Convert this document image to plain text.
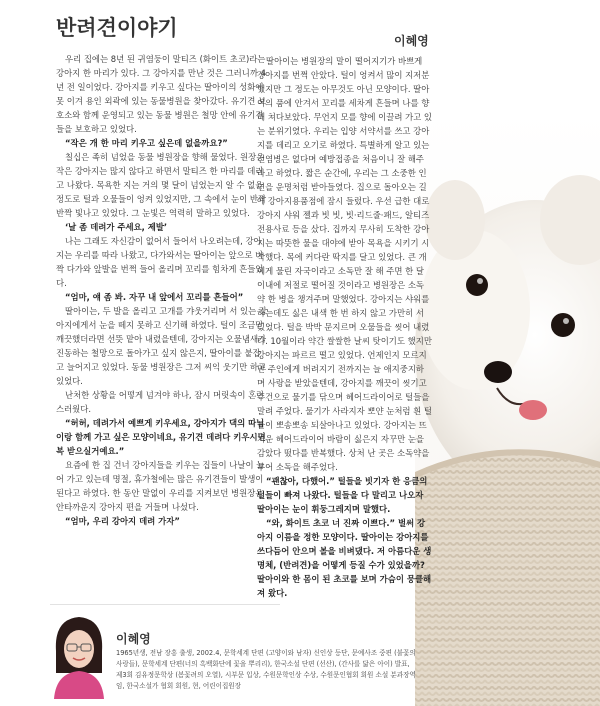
반려견이야기
이혜영

우리 집에는 8년 된 귀염둥이 말티즈 (화이트 초코)라는 강아지 한 마리가 있다. 그 강아지를 만난 것은 그러니까 4년 전 일이었다. 강아지를 키우고 싶다는 딸아이의 성화에 못 이겨 용인 외곽에 있는 동물병원을 찾아갔다. 유기견 보호소와 함께 운영되고 있는 동물 병원은 철망 안에 유기견들을 보호하고 있었다.

“작은 개 한 마리 키우고 싶은데 없을까요?”

칠십은 족히 넘었을 동물 병원장을 향해 물었다. 원장은 작은 강아지는 많지 않다고 하면서 말티즈 한 마리를 데리고 나왔다. 목욕한 지는 거의 몇 달이 넘었는지 알 수 없을 정도로 털과 오물들이 엉켜 있었지만, 그 속에서 눈이 반짝반짝 빛나고 있었다. 그 눈빛은 역력히 말하고 있었다.

‘날 좀 데려가 주세요, 제발’

나는 그래도 자신감이 없어서 들어서 나오려는데, 강아지는 우리를 따라 나왔고, 다가와서는 딸아이는 앞으로 바짝 다가와 앞발을 번쩍 들어 올리며 꼬리를 힘차게 흔들었다.

“엄마, 얘 좀 봐. 자꾸 내 앞에서 꼬리를 흔들어”

딸아이는, 두 발을 올리고 고개를 갸웃거리며 서 있는 강아지에게서 눈을 떼지 못하고 신기해 하였다. 털이 조금만 깨끗했더라면 선뜻 맡아 내렸을텐데, 강아지는 오물냄새가 진동하는 철망으로 돌아가고 싶지 않은지, 딸아이를 붙잡고 늘어지고 있었다. 동물 병원장은 그저 씨익 웃기만 하고 있었다.

난처한 상황을 어떻게 넘겨야 하나, 잠시 머릿속이 혼란스러웠다.

“허허, 데려가서 예쁘게 키우세요, 강아지가 댁의 따님이랑 함께 가고 싶은 모양이네요, 유기견 데려다 키우시면 복 받으실거예요.”

요즘에 한 집 건너 강아지들을 키우는 집들이 나날이 늘어 가고 있는데 명절, 휴가철에는 많은 유기견들이 발생이 된다고 하였다. 한 동안 말없이 우리를 지켜보던 병원장은 안타까운지 강아지 편을 거들며 나섰다.

“엄마, 우리 강아지 데려 가자”

딸아이는 병원장의 말이 떨어지기가 바쁘게 강아지를 번쩍 안았다. 털이 엉켜서 많이 지저분했지만 그 정도는 아무것도 아닌 모양이다. 딸아이의 품에 안겨서 꼬리를 세차게 흔들며 나를 향해 쳐다보았다. 무언지 모를 향에 이끌려 가고 있는 분위기였다. 우리는 입양 서약서를 쓰고 강아지를 데리고 오기로 하였다. 특별하게 알고 있는 전염병은 없다며 예방접종을 처음이니 잘 해주라고 하였다. 짧은 순간에, 우리는 그 소중한 인연을 운명처럼 받아들였다. 집으로 돌아오는 길에 강아지용품점에 잠시 들렀다. 우선 급한 대로 강아지 샤워 젤과 빗 빗, 빗·리드줄·패드, 알티즈 전용사료 등을 샀다. 집까지 무사히 도착한 강아지는 따뜻한 물을 대야에 받아 목욕을 시키기 시작했다. 목에 커다란 딱지를 달고 있었다. 큰 개에게 물린 자국이라고 소독만 잘 해 주면 한 달 이내에 저절로 떨어질 것이라고 병원장은 소독약 한 병을 챙겨주며 말했었다. 강아지는 샤워를 하는데도 싫은 내색 한 번 하지 않고 가만히 서 있었다. 털을 박박 문지르며 오물들을 씻어 내렸다. 10월이라 약간 쌀쌀한 날씨 탓이기도 했지만 강아지는 파르르 떨고 있었다. 언제인지 모르지만 주인에게 버려지기 전까지는 늘 애지중지하며 사랑을 받았을텐데, 강아지를 깨끗이 씻기고 수건으로 물기를 닦으며 헤어드라이어로 털들을 말려 주었다. 물기가 사라지자 뽀얀 눈처럼 흰 털들이 뽀송뽀송 되살아나고 있었다. 강아지는 뜨거운 헤어드라이어 바람이 싫은지 자꾸만 눈을 감았다 떴다를 반복했다. 상처 난 곳은 소독약을 부어 소독을 해주었다.

“괜찮아, 다했어.” 털들을 빗기자 한 응큼의 털들이 빠져 나왔다. 털들을 다 말리고 나오자 딸아이는 눈이 휘둥그레지며 말했다.

“와, 화이트 초코 너 진짜 이쁘다.” 벌써 강아지 이름을 정한 모양이다. 딸아이는 강아지를 쓰다듬어 안으며 볼을 비벼댔다. 저 아름다운 생명체, (반려견)을 어떻게 등질 수가 있었을까? 딸아이와 한 몸이 된 초코를 보며 가슴이 뭉클해져 왔다.

이혜영
1965년생, 전남 장흥 출생, 2002.4, 문학세계 단편 (고양이와 남자) 신인상 등단, 문예사조 중편 (불꽃의 사랑들), 문학세계 단편(너의 흑백화단에 꽃을 뿌리리), 한국소설 단편 (선산), (간사를 닮은 아이) 발표, 제3회 김유정문학상 (봄꽃려의 오열), 시부문 입상, 수원문학인상 수상, 수원문인협회 회원 소설 분과장역임, 한국소설가 협회 회원, 현, 어린이집원장
